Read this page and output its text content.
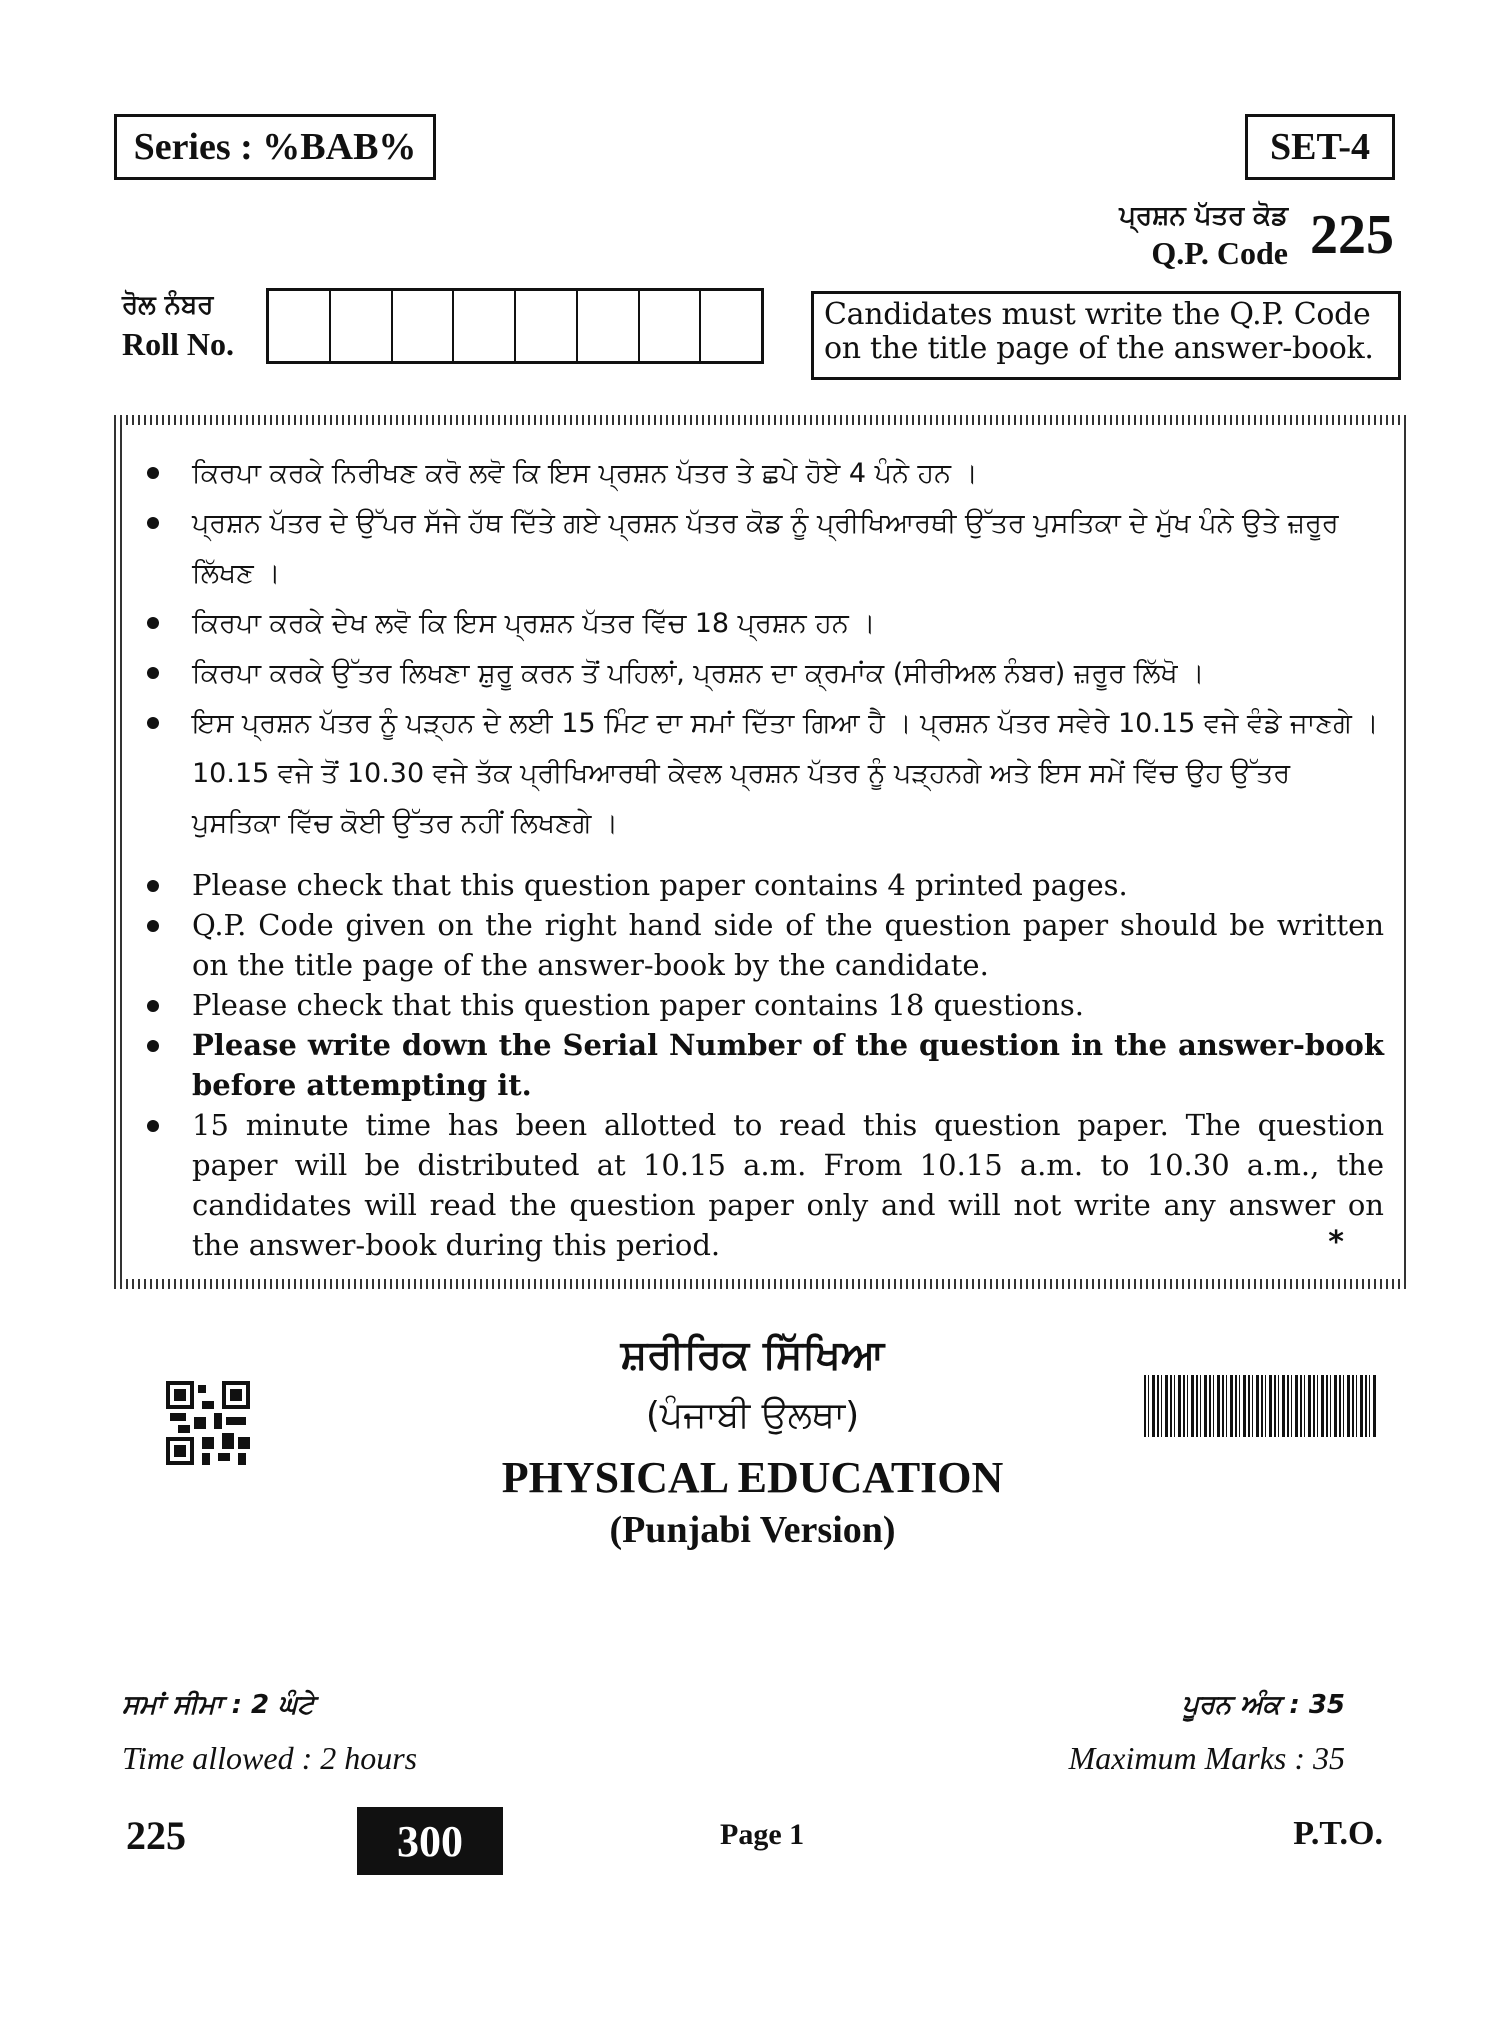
Series : %BAB%	SET-4
ਪ੍ਰਸ਼ਨ ਪੱਤਰ ਕੋਡ
Q.P. Code 225
ਰੋਲ ਨੰਬਰ
Roll No.
Candidates must write the Q.P. Code on the title page of the answer-book.
ਕਿਰਪਾ ਕਰਕੇ ਨਿਰੀਖਣ ਕਰੋ ਲਵੋ ਕਿ ਇਸ ਪ੍ਰਸ਼ਨ ਪੱਤਰ ਤੇ ਛਪੇ ਹੋਏ 4 ਪੰਨੇ ਹਨ ।
ਪ੍ਰਸ਼ਨ ਪੱਤਰ ਦੇ ਉੱਪਰ ਸੱਜੇ ਹੱਥ ਦਿੱਤੇ ਗਏ ਪ੍ਰਸ਼ਨ ਪੱਤਰ ਕੋਡ ਨੂੰ ਪ੍ਰੀਖਿਆਰਥੀ ਉੱਤਰ ਪੁਸਤਿਕਾ ਦੇ ਮੁੱਖ ਪੰਨੇ ਉਤੇ ਜ਼ਰੂਰ ਲਿੱਖਣ ।
ਕਿਰਪਾ ਕਰਕੇ ਦੇਖ ਲਵੋ ਕਿ ਇਸ ਪ੍ਰਸ਼ਨ ਪੱਤਰ ਵਿੱਚ 18 ਪ੍ਰਸ਼ਨ ਹਨ ।
ਕਿਰਪਾ ਕਰਕੇ ਉੱਤਰ ਲਿਖਣਾ ਸ਼ੁਰੂ ਕਰਨ ਤੋਂ ਪਹਿਲਾਂ, ਪ੍ਰਸ਼ਨ ਦਾ ਕ੍ਰਮਾਂਕ (ਸੀਰੀਅਲ ਨੰਬਰ) ਜ਼ਰੂਰ ਲਿੱਖੋ ।
ਇਸ ਪ੍ਰਸ਼ਨ ਪੱਤਰ ਨੂੰ ਪੜ੍ਹਨ ਦੇ ਲਈ 15 ਮਿੰਟ ਦਾ ਸਮਾਂ ਦਿੱਤਾ ਗਿਆ ਹੈ । ਪ੍ਰਸ਼ਨ ਪੱਤਰ ਸਵੇਰੇ 10.15 ਵਜੇ ਵੰਡੇ ਜਾਣਗੇ । 10.15 ਵਜੇ ਤੋਂ 10.30 ਵਜੇ ਤੱਕ ਪ੍ਰੀਖਿਆਰਥੀ ਕੇਵਲ ਪ੍ਰਸ਼ਨ ਪੱਤਰ ਨੂੰ ਪੜ੍ਹਨਗੇ ਅਤੇ ਇਸ ਸਮੇਂ ਵਿੱਚ ਉਹ ਉੱਤਰ ਪੁਸਤਿਕਾ ਵਿੱਚ ਕੋਈ ਉੱਤਰ ਨਹੀਂ ਲਿਖਣਗੇ ।
Please check that this question paper contains 4 printed pages.
Q.P. Code given on the right hand side of the question paper should be written on the title page of the answer-book by the candidate.
Please check that this question paper contains 18 questions.
Please write down the Serial Number of the question in the answer-book before attempting it.
15 minute time has been allotted to read this question paper. The question paper will be distributed at 10.15 a.m. From 10.15 a.m. to 10.30 a.m., the candidates will read the question paper only and will not write any answer on the answer-book during this period.	*
ਸ਼ਰੀਰਿਕ ਸਿੱਖਿਆ
(ਪੰਜਾਬੀ ਉਲਥਾ)
PHYSICAL EDUCATION
(Punjabi Version)
ਸਮਾਂ ਸੀਮਾ : 2 ਘੰਟੇ
Time allowed : 2 hours
ਪੂਰਨ ਅੰਕ : 35
Maximum Marks : 35
225	300	Page 1	P.T.O.
